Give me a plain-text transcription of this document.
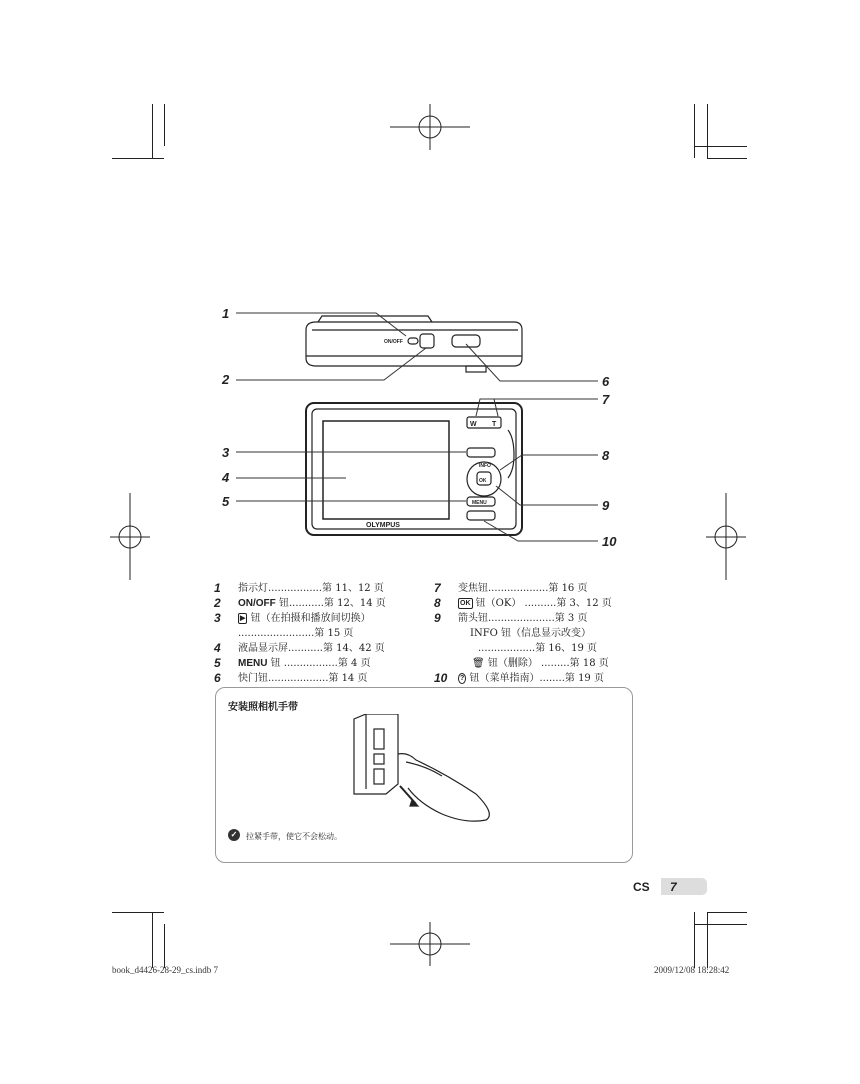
ON/OFF
W T
INFO
OK
MENU
OLYMPUS
1
2
3
4
5
6
7
8
9
10
1	指示灯.................第 11、12 页
2	ON/OFF 钮...........第 12、14 页
3	▶ 钮（在拍摄和播放间切换）
........................第 15 页
4	液晶显示屏...........第 14、42 页
5	MENU 钮 .................第 4 页
6	快门钮...................第 14 页
7	变焦钮...................第 16 页
8	OK 钮（OK） ..........第 3、12 页
9	箭头钮.....................第 3 页
INFO 钮（信息显示改变）
..................第 16、19 页
🗑 钮（删除） .........第 18 页
10	? 钮（菜单指南）........第 19 页
安装照相机手带
✓	拉紧手带，使它不会松动。
CS 7
book_d4426-28-29_cs.indb 7	2009/12/08 18:28:42
